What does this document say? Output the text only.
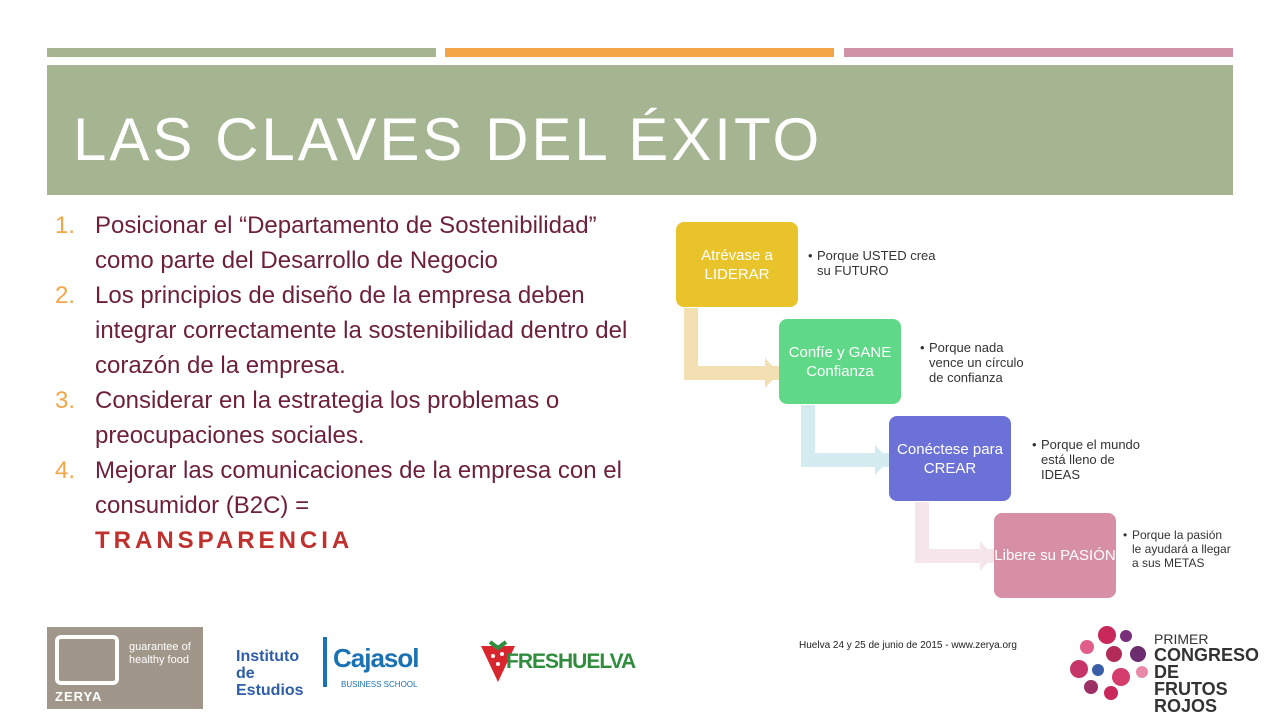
LAS CLAVES DEL ÉXITO
1. Posicionar el “Departamento de Sostenibilidad” como parte del Desarrollo de Negocio
2. Los principios de diseño de la empresa deben integrar correctamente la sostenibilidad dentro del corazón de la empresa.
3. Considerar en la estrategia los problemas o preocupaciones sociales.
4. Mejorar las comunicaciones de la empresa con el consumidor (B2C) =
TRANSPARENCIA
Atrévase a LIDERAR
Confíe y GANE Confianza
Conéctese para CREAR
Libere su PASIÓN
• Porque USTED crea su FUTURO
• Porque nada vence un círculo de confianza
• Porque el mundo está lleno de IDEAS
• Porque la pasión le ayudará a llegar a sus METAS
ZERYA
guarantee of healthy food	Instituto de Estudios
Cajasol
BUSINESS SCHOOL
FRESHUELVA
Huelva 24 y 25 de junio de 2015 - www.zerya.org	PRIMER
CONGRESO DE FRUTOS ROJOS
